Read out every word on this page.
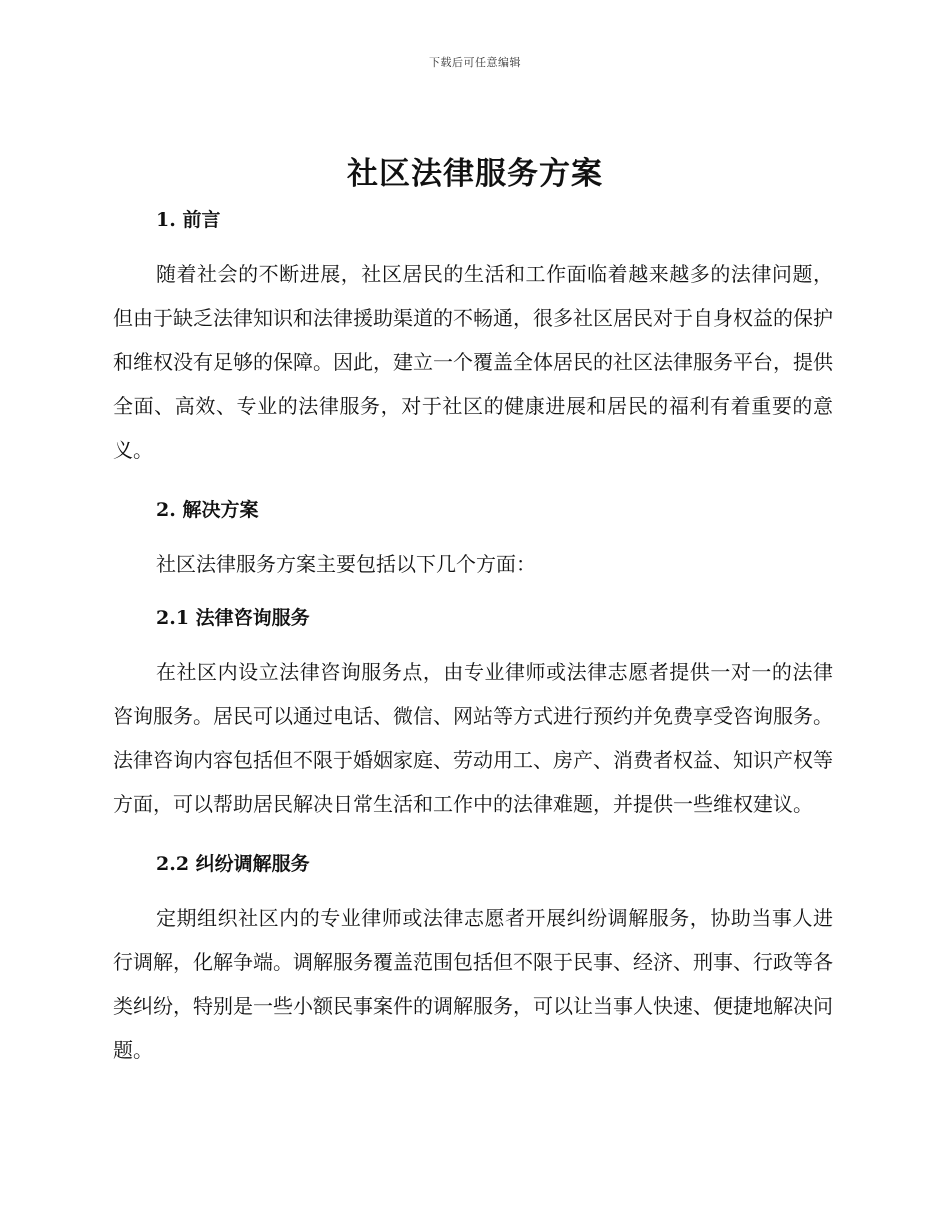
下载后可任意编辑
社区法律服务方案
1. 前言

随着社会的不断进展，社区居民的生活和工作面临着越来越多的法律问题，但由于缺乏法律知识和法律援助渠道的不畅通，很多社区居民对于自身权益的保护和维权没有足够的保障。因此，建立一个覆盖全体居民的社区法律服务平台，提供全面、高效、专业的法律服务，对于社区的健康进展和居民的福利有着重要的意义。

2. 解决方案

社区法律服务方案主要包括以下几个方面：

2.1 法律咨询服务

在社区内设立法律咨询服务点，由专业律师或法律志愿者提供一对一的法律咨询服务。居民可以通过电话、微信、网站等方式进行预约并免费享受咨询服务。法律咨询内容包括但不限于婚姻家庭、劳动用工、房产、消费者权益、知识产权等方面，可以帮助居民解决日常生活和工作中的法律难题，并提供一些维权建议。

2.2 纠纷调解服务

定期组织社区内的专业律师或法律志愿者开展纠纷调解服务，协助当事人进行调解，化解争端。调解服务覆盖范围包括但不限于民事、经济、刑事、行政等各类纠纷，特别是一些小额民事案件的调解服务，可以让当事人快速、便捷地解决问题。
